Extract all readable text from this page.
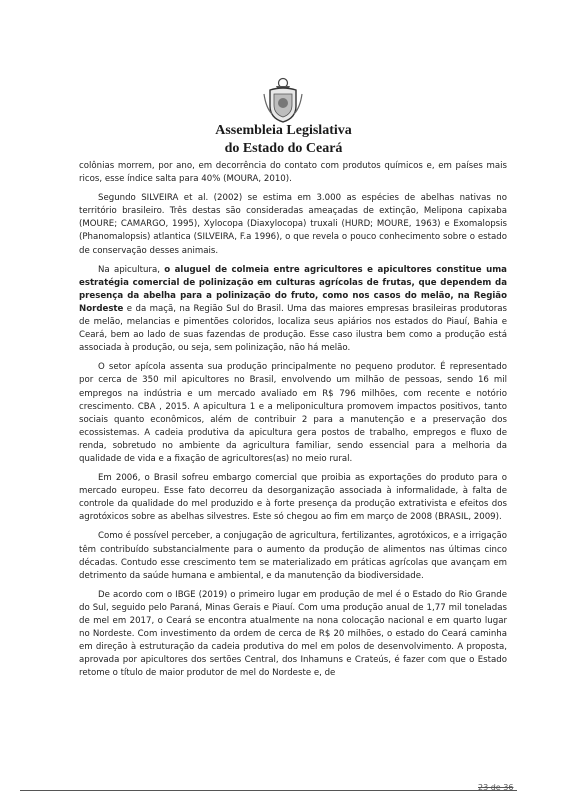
Assembleia Legislativa
do Estado do Ceará

colônias morrem, por ano, em decorrência do contato com produtos químicos e, em países mais ricos, esse índice salta para 40% (MOURA, 2010).

Segundo SILVEIRA et al. (2002) se estima em 3.000 as espécies de abelhas nativas no território brasileiro. Três destas são consideradas ameaçadas de extinção, Melipona capixaba (MOURE; CAMARGO, 1995), Xylocopa (Diaxylocopa) truxali (HURD; MOURE, 1963) e Exomalopsis (Phanomalopsis) atlantica (SILVEIRA, F.a 1996), o que revela o pouco conhecimento sobre o estado de conservação desses animais.

Na apicultura, o aluguel de colmeia entre agricultores e apicultores constitue uma estratégia comercial de polinização em culturas agrícolas de frutas, que dependem da presença da abelha para a polinização do fruto, como nos casos do melão, na Região Nordeste e da maçã, na Região Sul do Brasil. Uma das maiores empresas brasileiras produtoras de melão, melancias e pimentões coloridos, localiza seus apiários nos estados do Piauí, Bahia e Ceará, bem ao lado de suas fazendas de produção. Esse caso ilustra bem como a produção está associada à produção, ou seja, sem polinização, não há melão.

O setor apícola assenta sua produção principalmente no pequeno produtor. É representado por cerca de 350 mil apicultores no Brasil, envolvendo um milhão de pessoas, sendo 16 mil empregos na indústria e um mercado avaliado em R$ 796 milhões, com recente e notório crescimento. CBA , 2015. A apicultura 1 e a meliponicultura promovem impactos positivos, tanto sociais quanto econômicos, além de contribuir 2 para a manutenção e a preservação dos ecossistemas. A cadeia produtiva da apicultura gera postos de trabalho, empregos e fluxo de renda, sobretudo no ambiente da agricultura familiar, sendo essencial para a melhoria da qualidade de vida e a fixação de agricultores(as) no meio rural.

Em 2006, o Brasil sofreu embargo comercial que proibia as exportações do produto para o mercado europeu. Esse fato decorreu da desorganização associada à informalidade, à falta de controle da qualidade do mel produzido e à forte presença da produção extrativista e efeitos dos agrotóxicos sobre as abelhas silvestres. Este só chegou ao fim em março de 2008 (BRASIL, 2009).

Como é possível perceber, a conjugação de agricultura, fertilizantes, agrotóxicos, e a irrigação têm contribuído substancialmente para o aumento da produção de alimentos nas últimas cinco décadas. Contudo esse crescimento tem se materializado em práticas agrícolas que avançam em detrimento da saúde humana e ambiental, e da manutenção da biodiversidade.

De acordo com o IBGE (2019) o primeiro lugar em produção de mel é o Estado do Rio Grande do Sul, seguido pelo Paraná, Minas Gerais e Piauí. Com uma produção anual de 1,77 mil toneladas de mel em 2017, o Ceará se encontra atualmente na nona colocação nacional e em quarto lugar no Nordeste. Com investimento da ordem de cerca de R$ 20 milhões, o estado do Ceará caminha em direção à estruturação da cadeia produtiva do mel em polos de desenvolvimento. A proposta, aprovada por apicultores dos sertões Central, dos Inhamuns e Crateús, é fazer com que o Estado retome o título de maior produtor de mel do Nordeste e, de

23 de 36
